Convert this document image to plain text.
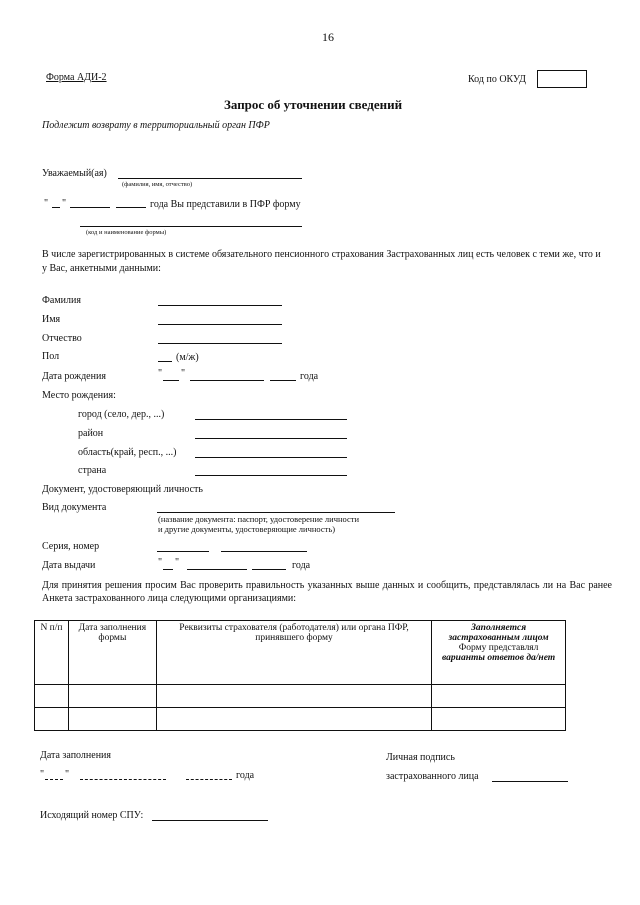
16
Форма АДИ-2	Код по ОКУД
Запрос об уточнении сведений
Подлежит возврату в территориальный орган ПФР
Уважаемый(ая)
(фамилия, имя, отчество)
" "	года Вы представили в ПФР форму
(код и наименование формы)
В числе зарегистрированных в системе обязательного пенсионного страхования Застрахованных лиц есть человек с теми же, что и у Вас, анкетными данными:
Фамилия
Имя
Отчество
Пол	(м/ж)
Дата рождения	" "	года
Место рождения:
город (село, дер., ...)
район
область(край, респ., ...)
страна
Документ, удостоверяющий личность
Вид документа
(название документа: паспорт, удостоверение личности
и другие документы, удостоверяющие личность)
Серия, номер
Дата выдачи	" "	года
Для принятия решения просим Вас проверить правильность указанных выше данных и сообщить, представлялась ли на Вас ранее Анкета застрахованного лица следующими организациями:
N п/п	Дата заполнения формы	Реквизиты страхователя (работодателя) или органа ПФР, принявшего форму	Заполняется застрахованным лицом
Форму представлял
варианты ответов да/нет

Дата заполнения
" "	года
Личная подпись
застрахованного лица
Исходящий номер СПУ:
